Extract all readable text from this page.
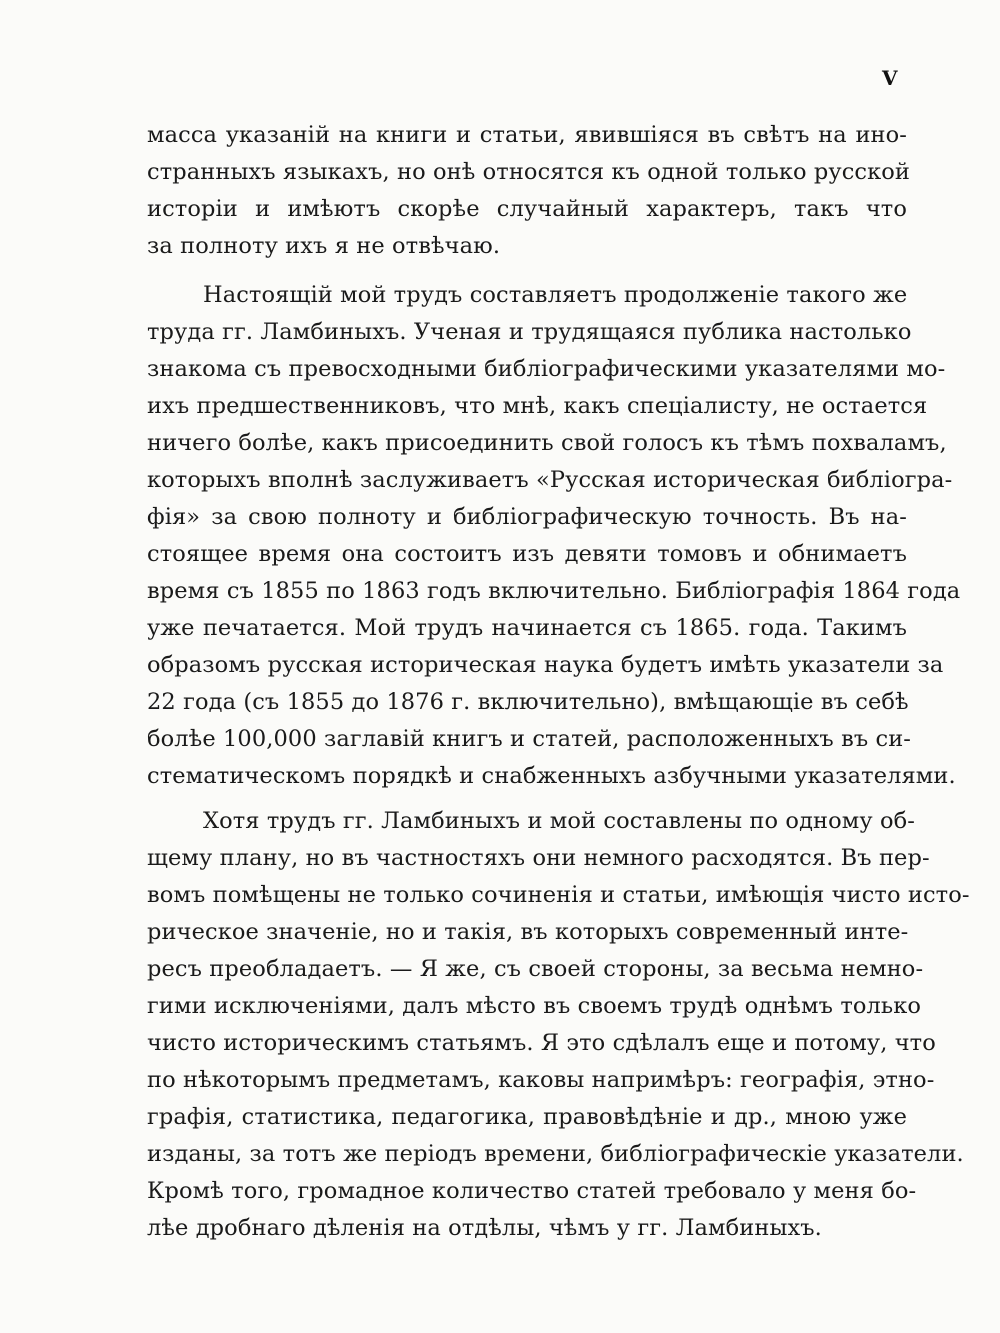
V
масса указаній на книги и статьи, явившіяся въ свѣтъ на ино-
странныхъ языкахъ, но онѣ относятся къ одной только русской
исторіи и имѣютъ скорѣе случайный характеръ, такъ что
за полноту ихъ я не отвѣчаю.
Настоящій мой трудъ составляетъ продолженіе такого же
труда гг. Ламбиныхъ. Ученая и трудящаяся публика настолько
знакома съ превосходными библіографическими указателями мо-
ихъ предшественниковъ, что мнѣ, какъ спеціалисту, не остается
ничего болѣе, какъ присоединить свой голосъ къ тѣмъ похваламъ,
которыхъ вполнѣ заслуживаетъ «Русская историческая библіогра-
фія» за свою полноту и библіографическую точность. Въ на-
стоящее время она состоитъ изъ девяти томовъ и обнимаетъ
время съ 1855 по 1863 годъ включительно. Библіографія 1864 года
уже печатается. Мой трудъ начинается съ 1865. года. Такимъ
образомъ русская историческая наука будетъ имѣть указатели за
22 года (съ 1855 до 1876 г. включительно), вмѣщающіе въ себѣ
болѣе 100,000 заглавій книгъ и статей, расположенныхъ въ си-
стематическомъ порядкѣ и снабженныхъ азбучными указателями.
Хотя трудъ гг. Ламбиныхъ и мой составлены по одному об-
щему плану, но въ частностяхъ они немного расходятся. Въ пер-
вомъ помѣщены не только сочиненія и статьи, имѣющія чисто исто-
рическое значеніе, но и такія, въ которыхъ современный инте-
ресъ преобладаетъ. — Я же, съ своей стороны, за весьма немно-
гими исключеніями, далъ мѣсто въ своемъ трудѣ однѣмъ только
чисто историческимъ статьямъ. Я это сдѣлалъ еще и потому, что
по нѣкоторымъ предметамъ, каковы напримѣръ: географія, этно-
графія, статистика, педагогика, правовѣдѣніе и др., мною уже
изданы, за тотъ же періодъ времени, библіографическіе указатели.
Кромѣ того, громадное количество статей требовало у меня бо-
лѣе дробнаго дѣленія на отдѣлы, чѣмъ у гг. Ламбиныхъ.
